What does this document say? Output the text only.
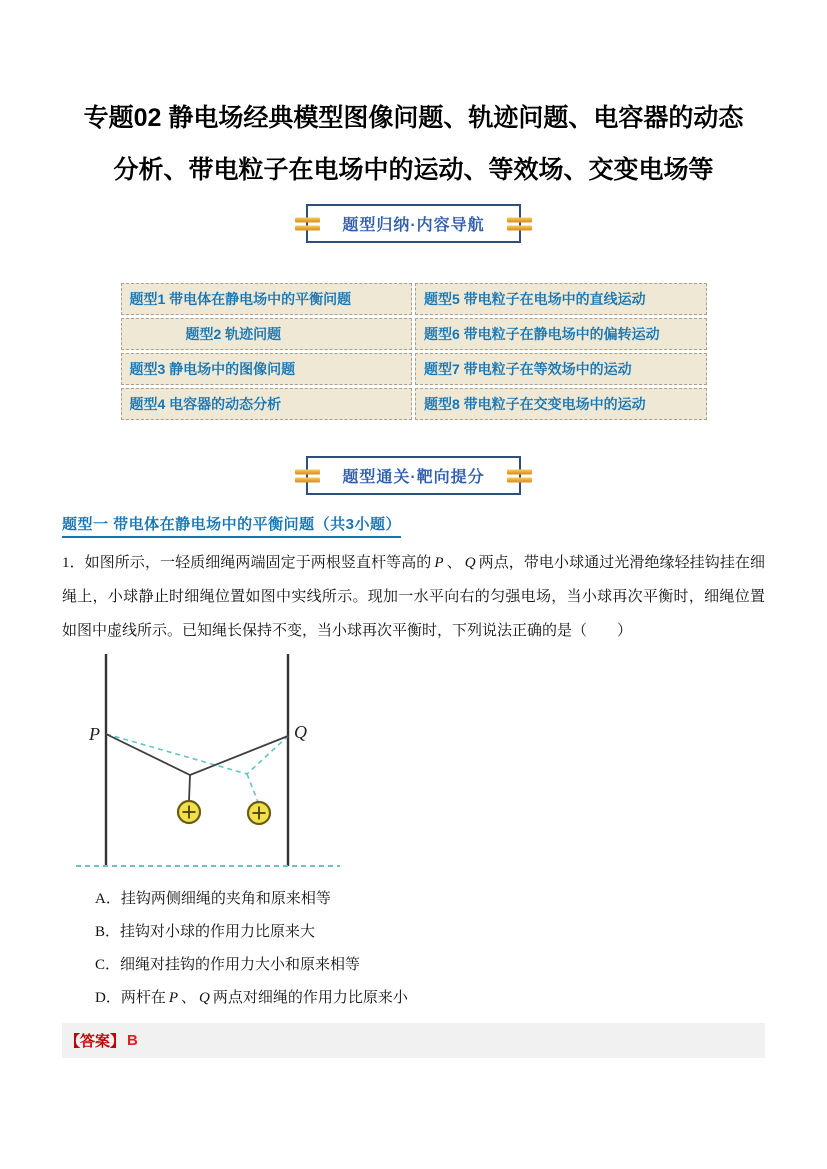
专题02 静电场经典模型图像问题、轨迹问题、电容器的动态
分析、带电粒子在电场中的运动、等效场、交变电场等
题型归纳·内容导航
题型1 带电体在静电场中的平衡问题	题型5 带电粒子在电场中的直线运动
题型2 轨迹问题	题型6 带电粒子在静电场中的偏转运动
题型3 静电场中的图像问题	题型7 带电粒子在等效场中的运动
题型4 电容器的动态分析	题型8 带电粒子在交变电场中的运动
题型通关·靶向提分
题型一 带电体在静电场中的平衡问题（共3小题）

1．如图所示，一轻质细绳两端固定于两根竖直杆等高的 P 、 Q 两点，带电小球通过光滑绝缘轻挂钩挂在细绳上，小球静止时细绳位置如图中实线所示。现加一水平向右的匀强电场，当小球再次平衡时，细绳位置如图中虚线所示。已知绳长保持不变，当小球再次平衡时，下列说法正确的是（　　）

P	Q
A．挂钩两侧细绳的夹角和原来相等
B．挂钩对小球的作用力比原来大
C．细绳对挂钩的作用力大小和原来相等
D．两杆在 P 、 Q 两点对细绳的作用力比原来小
【答案】 B
